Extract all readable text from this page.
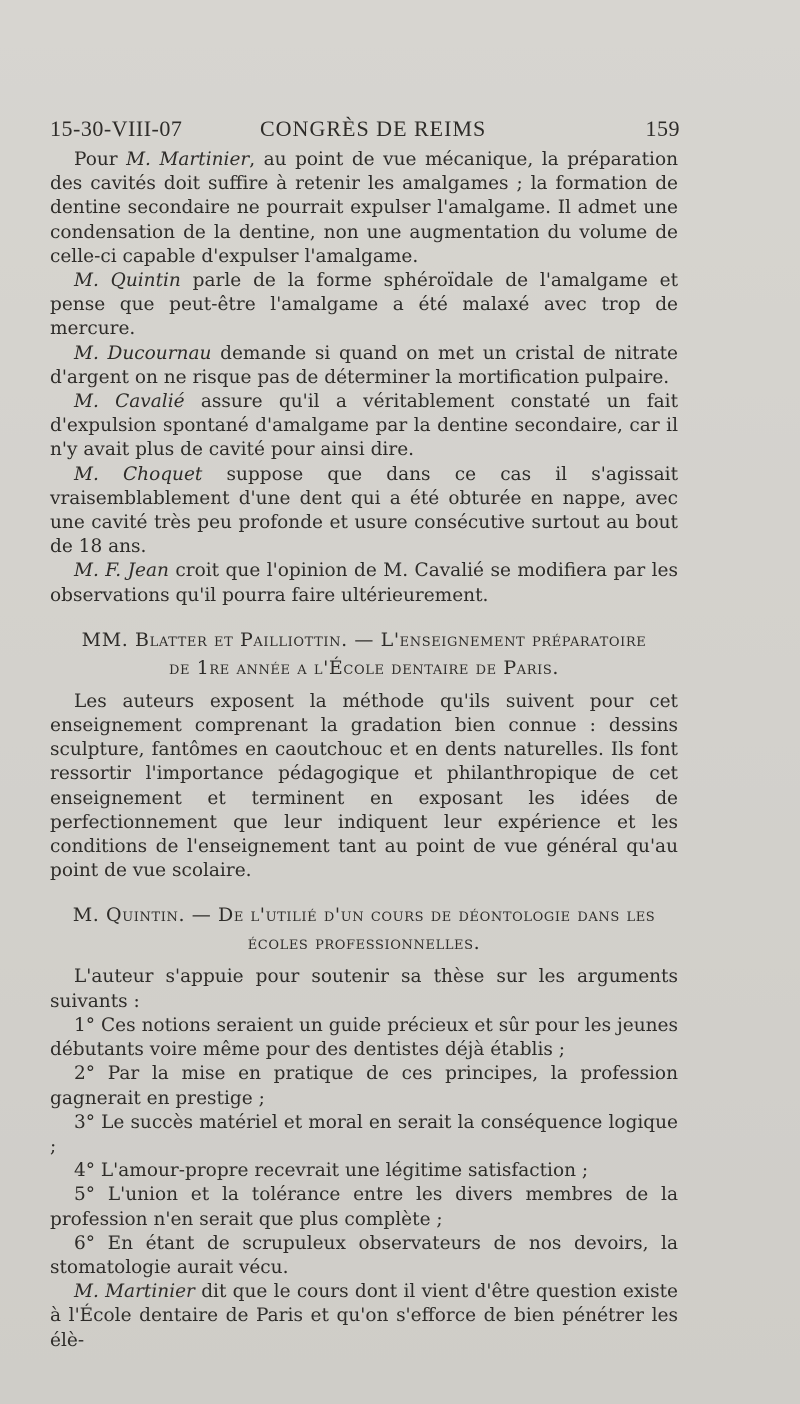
15-30-VIII-07	CONGRÈS DE REIMS	159

Pour M. Martinier, au point de vue mécanique, la préparation des cavités doit suffire à retenir les amalgames ; la formation de dentine secondaire ne pourrait expulser l'amalgame. Il admet une condensation de la dentine, non une augmentation du volume de celle-ci capable d'expulser l'amalgame.

M. Quintin parle de la forme sphéroïdale de l'amalgame et pense que peut-être l'amalgame a été malaxé avec trop de mercure.

M. Ducournau demande si quand on met un cristal de nitrate d'argent on ne risque pas de déterminer la mortification pulpaire.

M. Cavalié assure qu'il a véritablement constaté un fait d'expulsion spontané d'amalgame par la dentine secondaire, car il n'y avait plus de cavité pour ainsi dire.

M. Choquet suppose que dans ce cas il s'agissait vraisemblablement d'une dent qui a été obturée en nappe, avec une cavité très peu profonde et usure consécutive surtout au bout de 18 ans.

M. F. Jean croit que l'opinion de M. Cavalié se modifiera par les observations qu'il pourra faire ultérieurement.

MM. Blatter et Pailliottin. — L'enseignement préparatoire
de 1re année a l'École dentaire de Paris.

Les auteurs exposent la méthode qu'ils suivent pour cet enseignement comprenant la gradation bien connue : dessins sculpture, fantômes en caoutchouc et en dents naturelles. Ils font ressortir l'importance pédagogique et philanthropique de cet enseignement et terminent en exposant les idées de perfectionnement que leur indiquent leur expérience et les conditions de l'enseignement tant au point de vue général qu'au point de vue scolaire.

M. Quintin. — De l'utilié d'un cours de déontologie dans les
écoles professionnelles.

L'auteur s'appuie pour soutenir sa thèse sur les arguments suivants :

1° Ces notions seraient un guide précieux et sûr pour les jeunes débutants voire même pour des dentistes déjà établis ;

2° Par la mise en pratique de ces principes, la profession gagnerait en prestige ;

3° Le succès matériel et moral en serait la conséquence logique ;

4° L'amour-propre recevrait une légitime satisfaction ;

5° L'union et la tolérance entre les divers membres de la profession n'en serait que plus complète ;

6° En étant de scrupuleux observateurs de nos devoirs, la stomatologie aurait vécu.

M. Martinier dit que le cours dont il vient d'être question existe à l'École dentaire de Paris et qu'on s'efforce de bien pénétrer les élè-
